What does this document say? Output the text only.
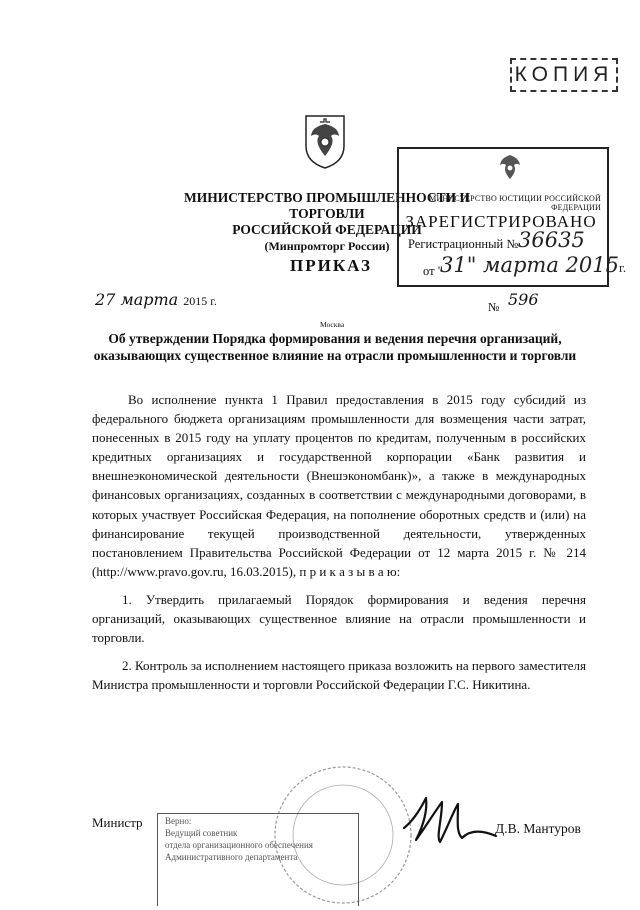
КОПИЯ
МИНИСТЕРСТВО ПРОМЫШЛЕННОСТИ И ТОРГОВЛИ
РОССИЙСКОЙ ФЕДЕРАЦИИ
(Минпромторг России)
МИНИСТЕРСТВО ЮСТИЦИИ РОССИЙСКОЙ ФЕДЕРАЦИИ
ЗАРЕГИСТРИРОВАНО
Регистрационный № 36635
от "
31" марта 2015г.
ПРИКАЗ
27 марта 2015 г.	№ 596
Москва
Об утверждении Порядка формирования и ведения перечня организаций, оказывающих существенное влияние на отрасли промышленности и торговли

Во исполнение пункта 1 Правил предоставления в 2015 году субсидий из федерального бюджета организациям промышленности для возмещения части затрат, понесенных в 2015 году на уплату процентов по кредитам, полученным в российских кредитных организациях и государственной корпорации «Банк развития и внешнеэкономической деятельности (Внешэкономбанк)», а также в международных финансовых организациях, созданных в соответствии с международными договорами, в которых участвует Российская Федерация, на пополнение оборотных средств и (или) на финансирование текущей производственной деятельности, утвержденных постановлением Правительства Российской Федерации от 12 марта 2015 г. № 214 (http://www.pravo.gov.ru, 16.03.2015), п р и к а з ы в а ю:

1. Утвердить прилагаемый Порядок формирования и ведения перечня организаций, оказывающих существенное влияние на отрасли промышленности и торговли.

2. Контроль за исполнением настоящего приказа возложить на первого заместителя Министра промышленности и торговли Российской Федерации Г.С. Никитина.

Министр	Д.В. Мантуров
Верно:
Ведущий советник
отдела организационного обеспечения
Административного департамента
